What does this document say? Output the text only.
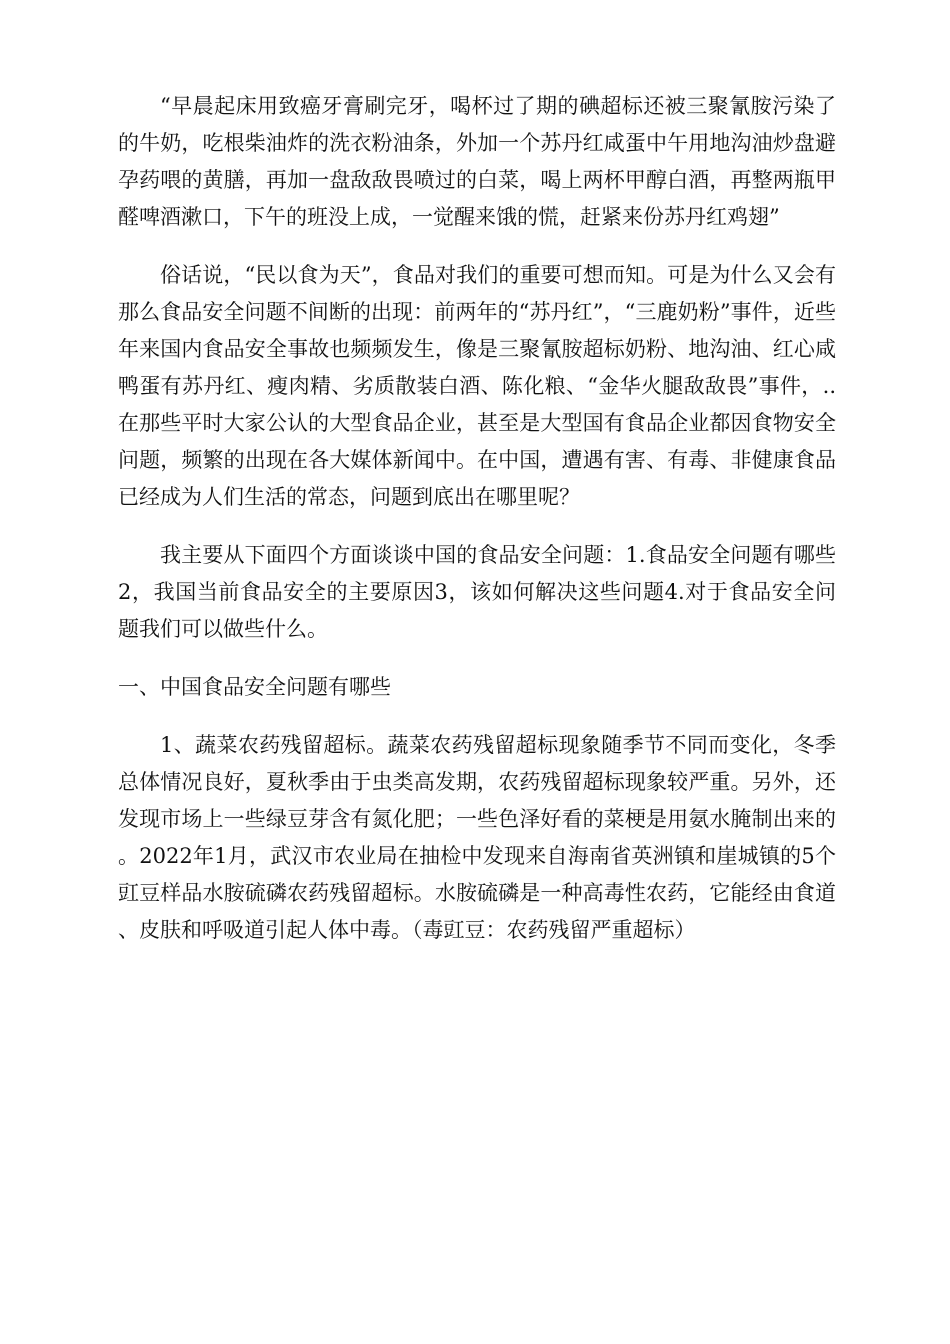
“早晨起床用致癌牙膏刷完牙，喝杯过了期的碘超标还被三聚氰胺污染了的牛奶，吃根柴油炸的洗衣粉油条，外加一个苏丹红咸蛋中午用地沟油炒盘避孕药喂的黄膳，再加一盘敌敌畏喷过的白菜，喝上两杯甲醇白酒，再整两瓶甲醛啤酒漱口，下午的班没上成，一觉醒来饿的慌，赶紧来份苏丹红鸡翅”

俗话说，“民以食为天”，食品对我们的重要可想而知。可是为什么又会有那么食品安全问题不间断的出现：前两年的“苏丹红”，“三鹿奶粉”事件，近些年来国内食品安全事故也频频发生，像是三聚氰胺超标奶粉、地沟油、红心咸鸭蛋有苏丹红、瘦肉精、劣质散装白酒、陈化粮、“金华火腿敌敌畏”事件，..在那些平时大家公认的大型食品企业，甚至是大型国有食品企业都因食物安全问题，频繁的出现在各大媒体新闻中。在中国，遭遇有害、有毒、非健康食品已经成为人们生活的常态，问题到底出在哪里呢？

我主要从下面四个方面谈谈中国的食品安全问题：1.食品安全问题有哪些2，我国当前食品安全的主要原因3，该如何解决这些问题4.对于食品安全问题我们可以做些什么。

一、中国食品安全问题有哪些

1、蔬菜农药残留超标。蔬菜农药残留超标现象随季节不同而变化，冬季总体情况良好，夏秋季由于虫类高发期，农药残留超标现象较严重。另外，还发现市场上一些绿豆芽含有氮化肥；一些色泽好看的菜梗是用氨水腌制出来的。2022年1月，武汉市农业局在抽检中发现来自海南省英洲镇和崖城镇的5个豇豆样品水胺硫磷农药残留超标。水胺硫磷是一种高毒性农药，它能经由食道、皮肤和呼吸道引起人体中毒。（毒豇豆：农药残留严重超标）
